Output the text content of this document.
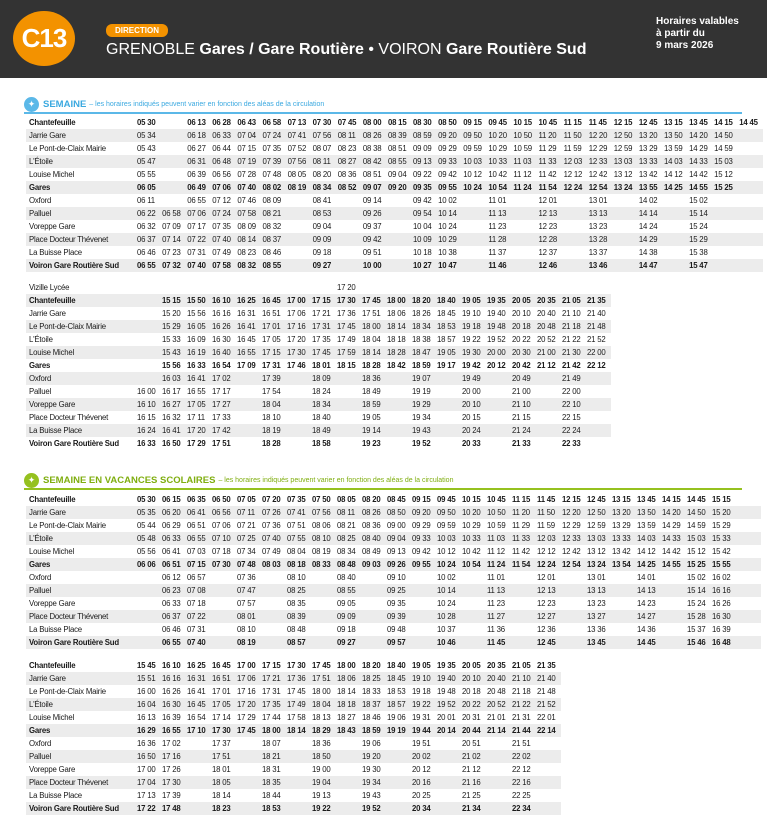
C13	DIRECTION
GRENOBLE Gares / Gare Routière • VOIRON Gare Routière Sud
Horaires valables
à partir du
9 mars 2026
✦ SEMAINE – les horaires indiqués peuvent varier en fonction des aléas de la circulation
Chantefeuille	05 30		06 13	06 28	06 43	06 58	07 13	07 30	07 45	08 00	08 15	08 30	08 50	09 15	09 45	10 15	10 45	11 15	11 45	12 15	12 45	13 15	13 45	14 15	14 45
Jarrie Gare	05 34		06 18	06 33	07 04	07 24	07 41	07 56	08 11	08 26	08 39	08 59	09 20	09 50	10 20	10 50	11 20	11 50	12 20	12 50	13 20	13 50	14 20	14 50	
Le Pont-de-Claix Mairie	05 43		06 27	06 44	07 15	07 35	07 52	08 07	08 23	08 38	08 51	09 09	09 29	09 59	10 29	10 59	11 29	11 59	12 29	12 59	13 29	13 59	14 29	14 59	
L'Étoile	05 47		06 31	06 48	07 19	07 39	07 56	08 11	08 27	08 42	08 55	09 13	09 33	10 03	10 33	11 03	11 33	12 03	12 33	13 03	13 33	14 03	14 33	15 03	
Louise Michel	05 55		06 39	06 56	07 28	07 48	08 05	08 20	08 36	08 51	09 04	09 22	09 42	10 12	10 42	11 12	11 42	12 12	12 42	13 12	13 42	14 12	14 42	15 12	
Gares	06 05		06 49	07 06	07 40	08 02	08 19	08 34	08 52	09 07	09 20	09 35	09 55	10 24	10 54	11 24	11 54	12 24	12 54	13 24	13 55	14 25	14 55	15 25	
Oxford	06 11		06 55	07 12	07 46	08 09		08 41		09 14		09 42	10 02		11 01		12 01		13 01		14 02		15 02		
Palluel	06 22	06 58	07 06	07 24	07 58	08 21		08 53		09 26		09 54	10 14		11 13		12 13		13 13		14 14		15 14		
Voreppe Gare	06 32	07 09	07 17	07 35	08 09	08 32		09 04		09 37		10 04	10 24		11 23		12 23		13 23		14 24		15 24		
Place Docteur Thévenet	06 37	07 14	07 22	07 40	08 14	08 37		09 09		09 42		10 09	10 29		11 28		12 28		13 28		14 29		15 29		
La Buisse Place	06 46	07 23	07 31	07 49	08 23	08 46		09 18		09 51		10 18	10 38		11 37		12 37		13 37		14 38		15 38		
Voiron Gare Routière Sud	06 55	07 32	07 40	07 58	08 32	08 55		09 27		10 00		10 27	10 47		11 46		12 46		13 46		14 47		15 47		
Vizille Lycée									17 20										
Chantefeuille		15 15	15 50	16 10	16 25	16 45	17 00	17 15	17 30	17 45	18 00	18 20	18 40	19 05	19 35	20 05	20 35	21 05	21 35
Jarrie Gare		15 20	15 56	16 16	16 31	16 51	17 06	17 21	17 36	17 51	18 06	18 26	18 45	19 10	19 40	20 10	20 40	21 10	21 40
Le Pont-de-Claix Mairie		15 29	16 05	16 26	16 41	17 01	17 16	17 31	17 45	18 00	18 14	18 34	18 53	19 18	19 48	20 18	20 48	21 18	21 48
L'Étoile		15 33	16 09	16 30	16 45	17 05	17 20	17 35	17 49	18 04	18 18	18 38	18 57	19 22	19 52	20 22	20 52	21 22	21 52
Louise Michel		15 43	16 19	16 40	16 55	17 15	17 30	17 45	17 59	18 14	18 28	18 47	19 05	19 30	20 00	20 30	21 00	21 30	22 00
Gares		15 56	16 33	16 54	17 09	17 31	17 46	18 01	18 15	18 28	18 42	18 59	19 17	19 42	20 12	20 42	21 12	21 42	22 12
Oxford		16 03	16 41	17 02		17 39		18 09		18 36		19 07		19 49		20 49		21 49	
Palluel	16 00	16 17	16 55	17 17		17 54		18 24		18 49		19 19		20 00		21 00		22 00	
Voreppe Gare	16 10	16 27	17 05	17 27		18 04		18 34		18 59		19 29		20 10		21 10		22 10	
Place Docteur Thévenet	16 15	16 32	17 11	17 33		18 10		18 40		19 05		19 34		20 15		21 15		22 15	
La Buisse Place	16 24	16 41	17 20	17 42		18 19		18 49		19 14		19 43		20 24		21 24		22 24	
Voiron Gare Routière Sud	16 33	16 50	17 29	17 51		18 28		18 58		19 23		19 52		20 33		21 33		22 33	
✦ SEMAINE EN VACANCES SCOLAIRES – les horaires indiqués peuvent varier en fonction des aléas de la circulation
Chantefeuille	05 30	06 15	06 35	06 50	07 05	07 20	07 35	07 50	08 05	08 20	08 45	09 15	09 45	10 15	10 45	11 15	11 45	12 15	12 45	13 15	13 45	14 15	14 45	15 15	
Jarrie Gare	05 35	06 20	06 41	06 56	07 11	07 26	07 41	07 56	08 11	08 26	08 50	09 20	09 50	10 20	10 50	11 20	11 50	12 20	12 50	13 20	13 50	14 20	14 50	15 20	
Le Pont-de-Claix Mairie	05 44	06 29	06 51	07 06	07 21	07 36	07 51	08 06	08 21	08 36	09 00	09 29	09 59	10 29	10 59	11 29	11 59	12 29	12 59	13 29	13 59	14 29	14 59	15 29	
L'Étoile	05 48	06 33	06 55	07 10	07 25	07 40	07 55	08 10	08 25	08 40	09 04	09 33	10 03	10 33	11 03	11 33	12 03	12 33	13 03	13 33	14 03	14 33	15 03	15 33	
Louise Michel	05 56	06 41	07 03	07 18	07 34	07 49	08 04	08 19	08 34	08 49	09 13	09 42	10 12	10 42	11 12	11 42	12 12	12 42	13 12	13 42	14 12	14 42	15 12	15 42	
Gares	06 06	06 51	07 15	07 30	07 48	08 03	08 18	08 33	08 48	09 03	09 26	09 55	10 24	10 54	11 24	11 54	12 24	12 54	13 24	13 54	14 25	14 55	15 25	15 55	
Oxford		06 12	06 57		07 36		08 10		08 40		09 10		10 02		11 01		12 01		13 01		14 01		15 02	16 02	
Palluel		06 23	07 08		07 47		08 25		08 55		09 25		10 14		11 13		12 13		13 13		14 13		15 14	16 16	
Voreppe Gare		06 33	07 18		07 57		08 35		09 05		09 35		10 24		11 23		12 23		13 23		14 23		15 24	16 26	
Place Docteur Thévenet		06 37	07 22		08 01		08 39		09 09		09 39		10 28		11 27		12 27		13 27		14 27		15 28	16 30	
La Buisse Place		06 46	07 31		08 10		08 48		09 18		09 48		10 37		11 36		12 36		13 36		14 36		15 37	16 39	
Voiron Gare Routière Sud		06 55	07 40		08 19		08 57		09 27		09 57		10 46		11 45		12 45		13 45		14 45		15 46	16 48	
Chantefeuille	15 45	16 10	16 25	16 45	17 00	17 15	17 30	17 45	18 00	18 20	18 40	19 05	19 35	20 05	20 35	21 05	21 35
Jarrie Gare	15 51	16 16	16 31	16 51	17 06	17 21	17 36	17 51	18 06	18 25	18 45	19 10	19 40	20 10	20 40	21 10	21 40
Le Pont-de-Claix Mairie	16 00	16 26	16 41	17 01	17 16	17 31	17 45	18 00	18 14	18 33	18 53	19 18	19 48	20 18	20 48	21 18	21 48
L'Étoile	16 04	16 30	16 45	17 05	17 20	17 35	17 49	18 04	18 18	18 37	18 57	19 22	19 52	20 22	20 52	21 22	21 52
Louise Michel	16 13	16 39	16 54	17 14	17 29	17 44	17 58	18 13	18 27	18 46	19 06	19 31	20 01	20 31	21 01	21 31	22 01
Gares	16 29	16 55	17 10	17 30	17 45	18 00	18 14	18 29	18 43	18 59	19 19	19 44	20 14	20 44	21 14	21 44	22 14
Oxford	16 36	17 02		17 37		18 07		18 36		19 06		19 51		20 51		21 51	
Palluel	16 50	17 16		17 51		18 21		18 50		19 20		20 02		21 02		22 02	
Voreppe Gare	17 00	17 26		18 01		18 31		19 00		19 30		20 12		21 12		22 12	
Place Docteur Thévenet	17 04	17 30		18 05		18 35		19 04		19 34		20 16		21 16		22 16	
La Buisse Place	17 13	17 39		18 14		18 44		19 13		19 43		20 25		21 25		22 25	
Voiron Gare Routière Sud	17 22	17 48		18 23		18 53		19 22		19 52		20 34		21 34		22 34	
